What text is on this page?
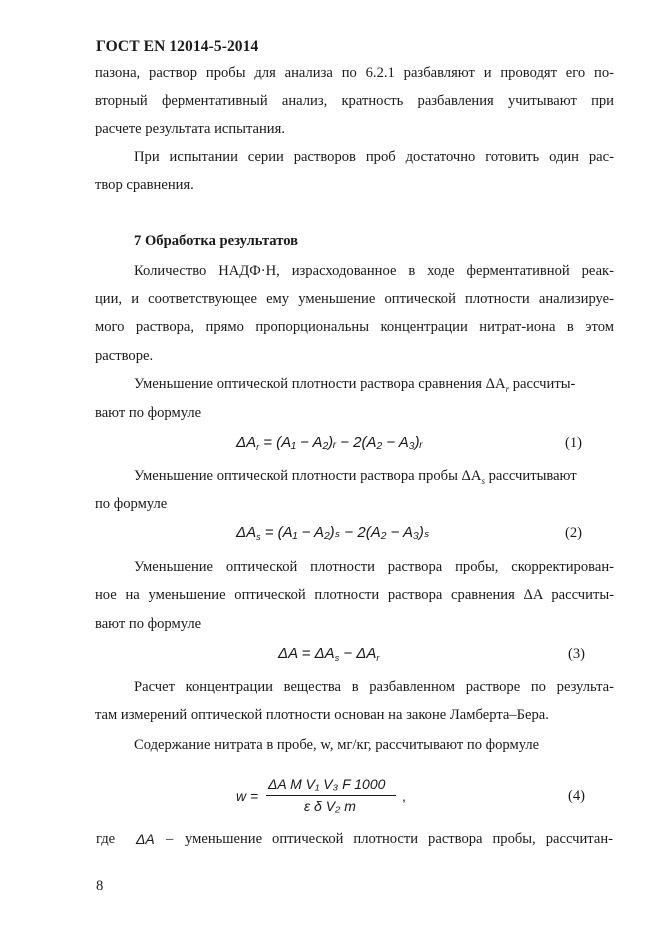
ГОСТ EN 12014-5-2014
пазона, раствор пробы для анализа по 6.2.1 разбавляют и проводят его по-
вторный ферментативный анализ, кратность разбавления учитывают при
расчете результата испытания.
При испытании серии растворов проб достаточно готовить один рас-
твор сравнения.
7 Обработка результатов
Количество НАДФ·Н, израсходованное в ходе ферментативной реак-
ции, и соответствующее ему уменьшение оптической плотности анализируе-
мого раствора, прямо пропорциональны концентрации нитрат-иона в этом
растворе.
Уменьшение оптической плотности раствора сравнения $\Delta A_r$ рассчиты-
вают по формуле
$\Delta A_r = (A_1$ − A₂)ᵣ − 2(A₂ − A₃)ᵣ	(1)
Уменьшение оптической плотности раствора пробы $\Delta A_s$ рассчитывают
по формуле
$\Delta A_s = (A_1 - A_2)_s - 2(A_2 - A_3)_s$	(2)
Уменьшение оптической плотности раствора пробы, скорректирован-
ное на уменьшение оптической плотности раствора сравнения ΔA рассчиты-
вают по формуле
$\Delta A = \Delta A_s - \Delta A_r$	(3)
Расчет концентрации вещества в разбавленном растворе по результа-
там измерений оптической плотности основан на законе Ламберта–Бера.
Содержание нитрата в пробе, w, мг/кг, рассчитывают по формуле
w =
ΔA M V₁ V₃ F 1000
ε δ V₂ m
,	(4)
где ΔA – уменьшение оптической плотности раствора пробы, рассчитан-
8
